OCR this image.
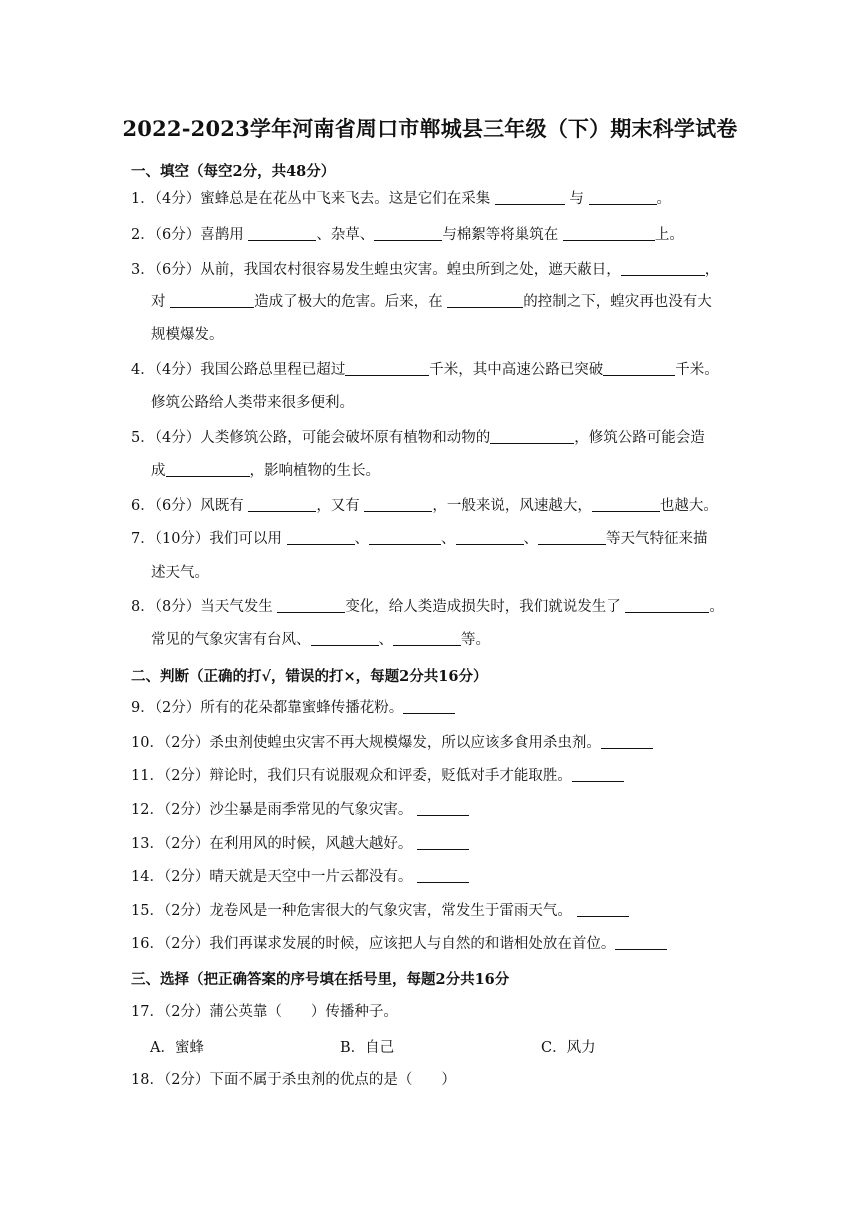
2022-2023学年河南省周口市郸城县三年级（下）期末科学试卷
一、填空（每空2分，共48分）
1．（4分）蜜蜂总是在花丛中飞来飞去。这是它们在采集	与	。
2．（6分）喜鹊用	、杂草、	与棉絮等将巢筑在	上。
3．（6分）从前，我国农村很容易发生蝗虫灾害。蝗虫所到之处，遮天蔽日，	，
对	造成了极大的危害。后来，在	的控制之下，蝗灾再也没有大
规模爆发。
4．（4分）我国公路总里程已超过	千米，其中高速公路已突破	千米。
修筑公路给人类带来很多便利。
5．（4分）人类修筑公路，可能会破坏原有植物和动物的	，修筑公路可能会造
成	，影响植物的生长。
6．（6分）风既有	，又有	，一般来说，风速越大，	也越大。
7．（10分）我们可以用	、	、	、	等天气特征来描
述天气。
8．（8分）当天气发生	变化，给人类造成损失时，我们就说发生了	。
常见的气象灾害有台风、	、	等。
二、判断（正确的打√，错误的打×，每题2分共16分）
9．（2分）所有的花朵都靠蜜蜂传播花粉。
10．（2分）杀虫剂使蝗虫灾害不再大规模爆发，所以应该多食用杀虫剂。
11．（2分）辩论时，我们只有说服观众和评委，贬低对手才能取胜。
12．（2分）沙尘暴是雨季常见的气象灾害。
13．（2分）在利用风的时候，风越大越好。
14．（2分）晴天就是天空中一片云都没有。
15．（2分）龙卷风是一种危害很大的气象灾害，常发生于雷雨天气。
16．（2分）我们再谋求发展的时候，应该把人与自然的和谐相处放在首位。
三、选择（把正确答案的序号填在括号里，每题2分共16分
17．（2分）蒲公英靠（　　）传播种子。
A．蜜蜂	B．自己	C．风力
18．（2分）下面不属于杀虫剂的优点的是（　　）
